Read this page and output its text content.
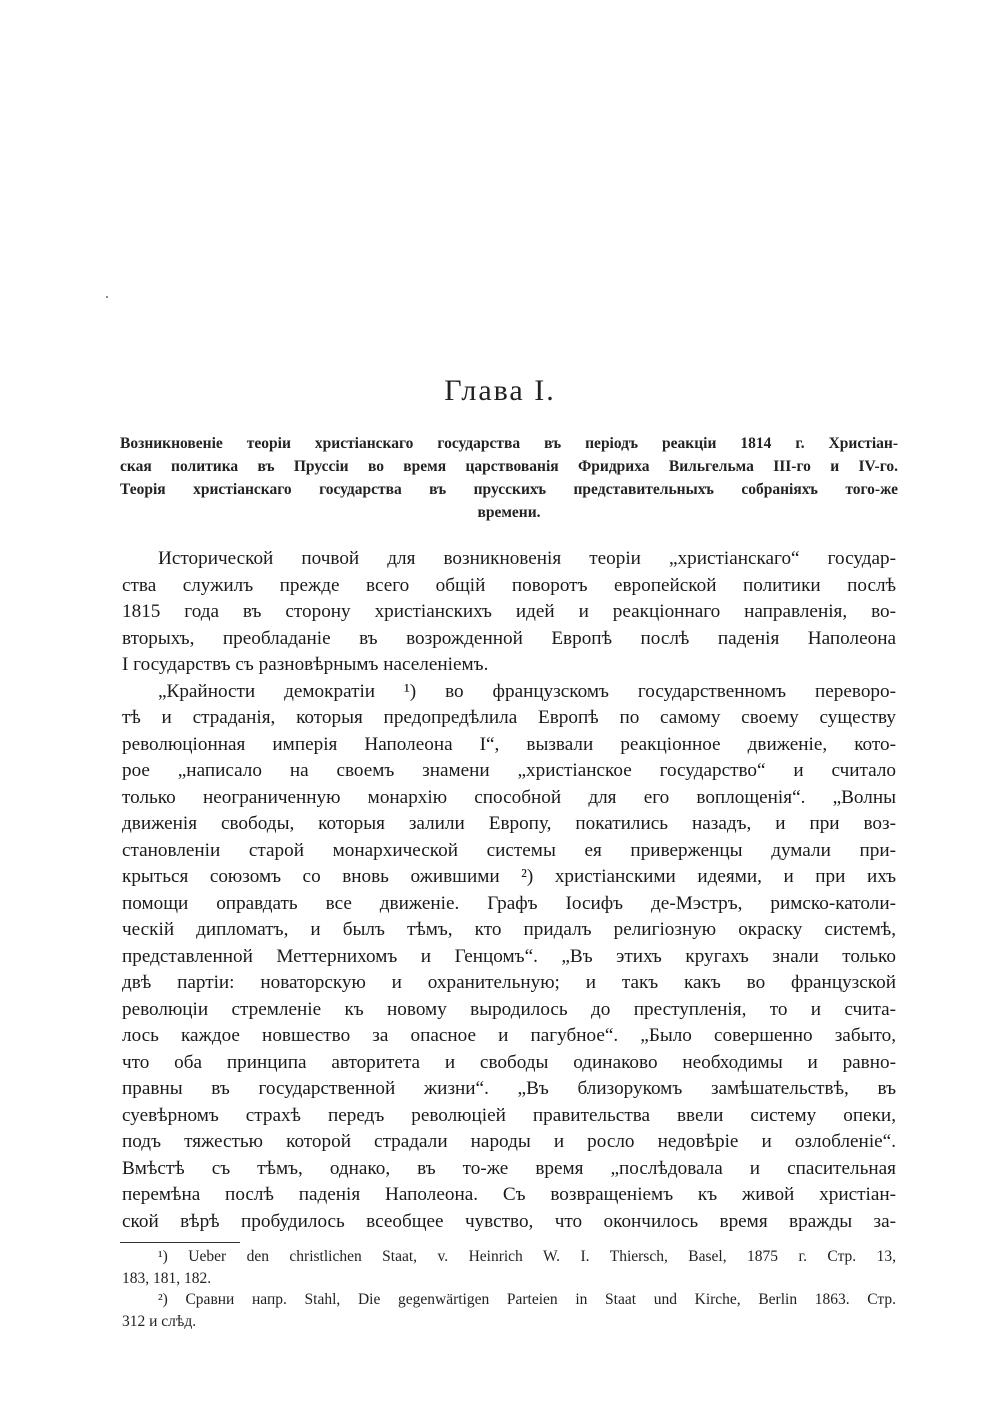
Глава I.
Возникновеніе теоріи христіанскаго государства въ періодъ реакціи 1814 г. Христіан-
ская политика въ Пруссіи во время царствованія Фридриха Вильгельма III-го и IV-го.
Теорія христіанскаго государства въ прусскихъ представительныхъ собраніяхъ того-же
времени.
Исторической почвой для возникновенія теоріи „христіанскаго“ государ-
ства служилъ прежде всего общій поворотъ европейской политики послѣ
1815 года въ сторону христіанскихъ идей и реакціоннаго направленія, во-
вторыхъ, преобладаніе въ возрожденной Европѣ послѣ паденія Наполеона
I государствъ съ разновѣрнымъ населеніемъ.
„Крайности демократіи ¹) во французскомъ государственномъ переворо-
тѣ и страданія, которыя предопредѣлила Европѣ по самому своему существу
революціонная имперія Наполеона I“, вызвали реакціонное движеніе, кото-
рое „написало на своемъ знамени „христіанское государство“ и считало
только неограниченную монархію способной для его воплощенія“. „Волны
движенія свободы, которыя залили Европу, покатились назадъ, и при воз-
становленіи старой монархической системы ея приверженцы думали при-
крыться союзомъ со вновь ожившими ²) христіанскими идеями, и при ихъ
помощи оправдать все движеніе. Графъ Іосифъ де-Мэстръ, римско-католи-
ческій дипломатъ, и былъ тѣмъ, кто придалъ религіозную окраску системѣ,
представленной Меттернихомъ и Генцомъ“. „Въ этихъ кругахъ знали только
двѣ партіи: новаторскую и охранительную; и такъ какъ во французской
революціи стремленіе къ новому выродилось до преступленія, то и счита-
лось каждое новшество за опасное и пагубное“. „Было совершенно забыто,
что оба принципа авторитета и свободы одинаково необходимы и равно-
правны въ государственной жизни“. „Въ близорукомъ замѣшательствѣ, въ
суевѣрномъ страхѣ передъ революціей правительства ввели систему опеки,
подъ тяжестью которой страдали народы и росло недовѣріе и озлобленіе“.
Вмѣстѣ съ тѣмъ, однако, въ то-же время „послѣдовала и спасительная
перемѣна послѣ паденія Наполеона. Съ возвращеніемъ къ живой христіан-
ской вѣрѣ пробудилось всеобщее чувство, что окончилось время вражды за-
¹) Ueber den christlichen Staat, v. Heinrich W. I. Thiersch, Basel, 1875 г. Стр. 13,
183, 181, 182.
²) Сравни напр. Stahl, Die gegenwärtigen Parteien in Staat und Kirche, Berlin 1863. Стр.
312 и слѣд.
